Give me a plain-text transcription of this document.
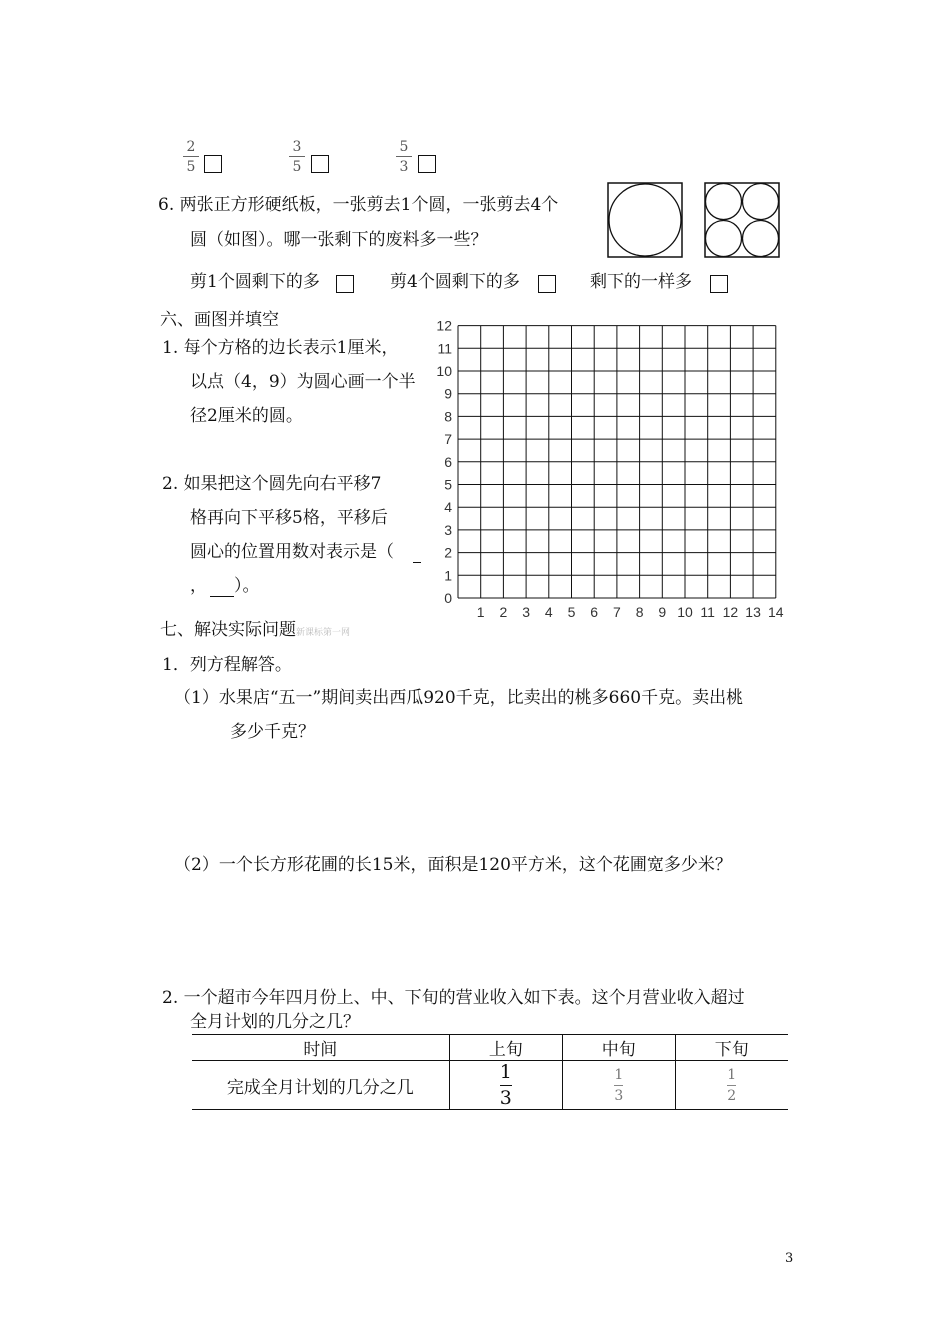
2
5
3
5
5
3
6. 两张正方形硬纸板，一张剪去1个圆，一张剪去4个
圆（如图）。哪一张剩下的废料多一些？
剪1个圆剩下的多	剪4个圆剩下的多	剩下的一样多
六、画图并填空
1. 每个方格的边长表示1厘米，
以点（4，9）为圆心画一个半
径2厘米的圆。
2. 如果把这个圆先向右平移7
格再向下平移5格，平移后
圆心的位置用数对表示是（
， ）。
1 2 3 4 5 6 7 8 9 10 11 12 13 14
0
1
2
3
4
5
6
7
8
9
10
11
12
七、解决实际问题 新课标第一网
1．列方程解答。
（1）水果店“五一”期间卖出西瓜920千克，比卖出的桃多660千克。卖出桃
多少千克？
（2）一个长方形花圃的长15米，面积是120平方米，这个花圃宽多少米？
2. 一个超市今年四月份上、中、下旬的营业收入如下表。这个月营业收入超过
全月计划的几分之几？
时间	上旬	中旬	下旬
完成全月计划的几分之几	$\frac{1}{3}$	$\frac{1}{3}$	$\frac{1}{2}$
3
